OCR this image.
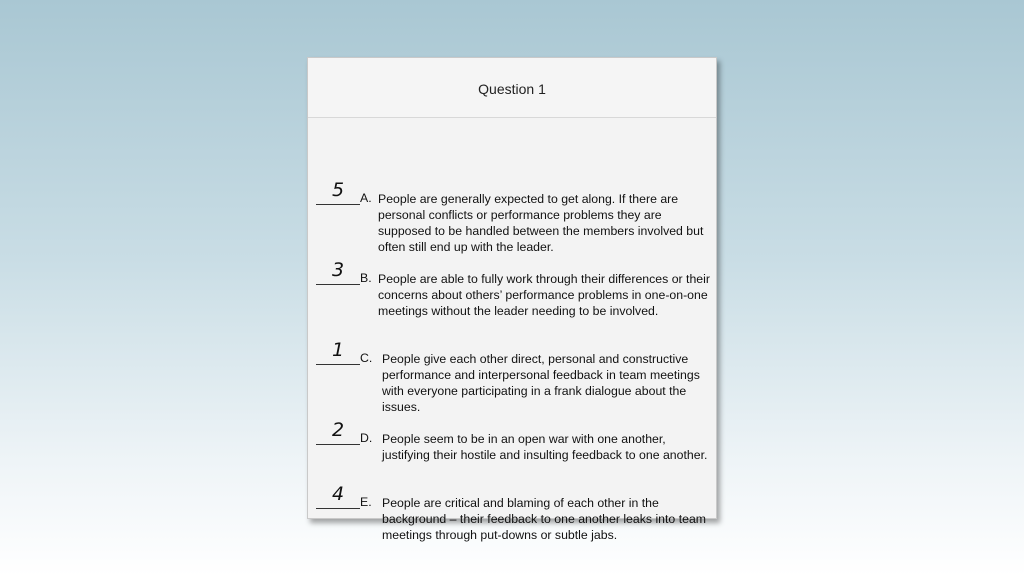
Question 1
5	A. People are generally expected to get along. If there are personal conflicts or performance problems they are supposed to be handled between the members involved but often still end up with the leader.
3	B. People are able to fully work through their differences or their concerns about others’ performance problems in one-on-one meetings without the leader needing to be involved.
1	C. People give each other direct, personal and constructive performance and interpersonal feedback in team meetings with everyone participating in a frank dialogue about the issues.
2	D. People seem to be in an open war with one another, justifying their hostile and insulting feedback to one another.
4	E. People are critical and blaming of each other in the background – their feedback to one another leaks into team meetings through put-downs or subtle jabs.
